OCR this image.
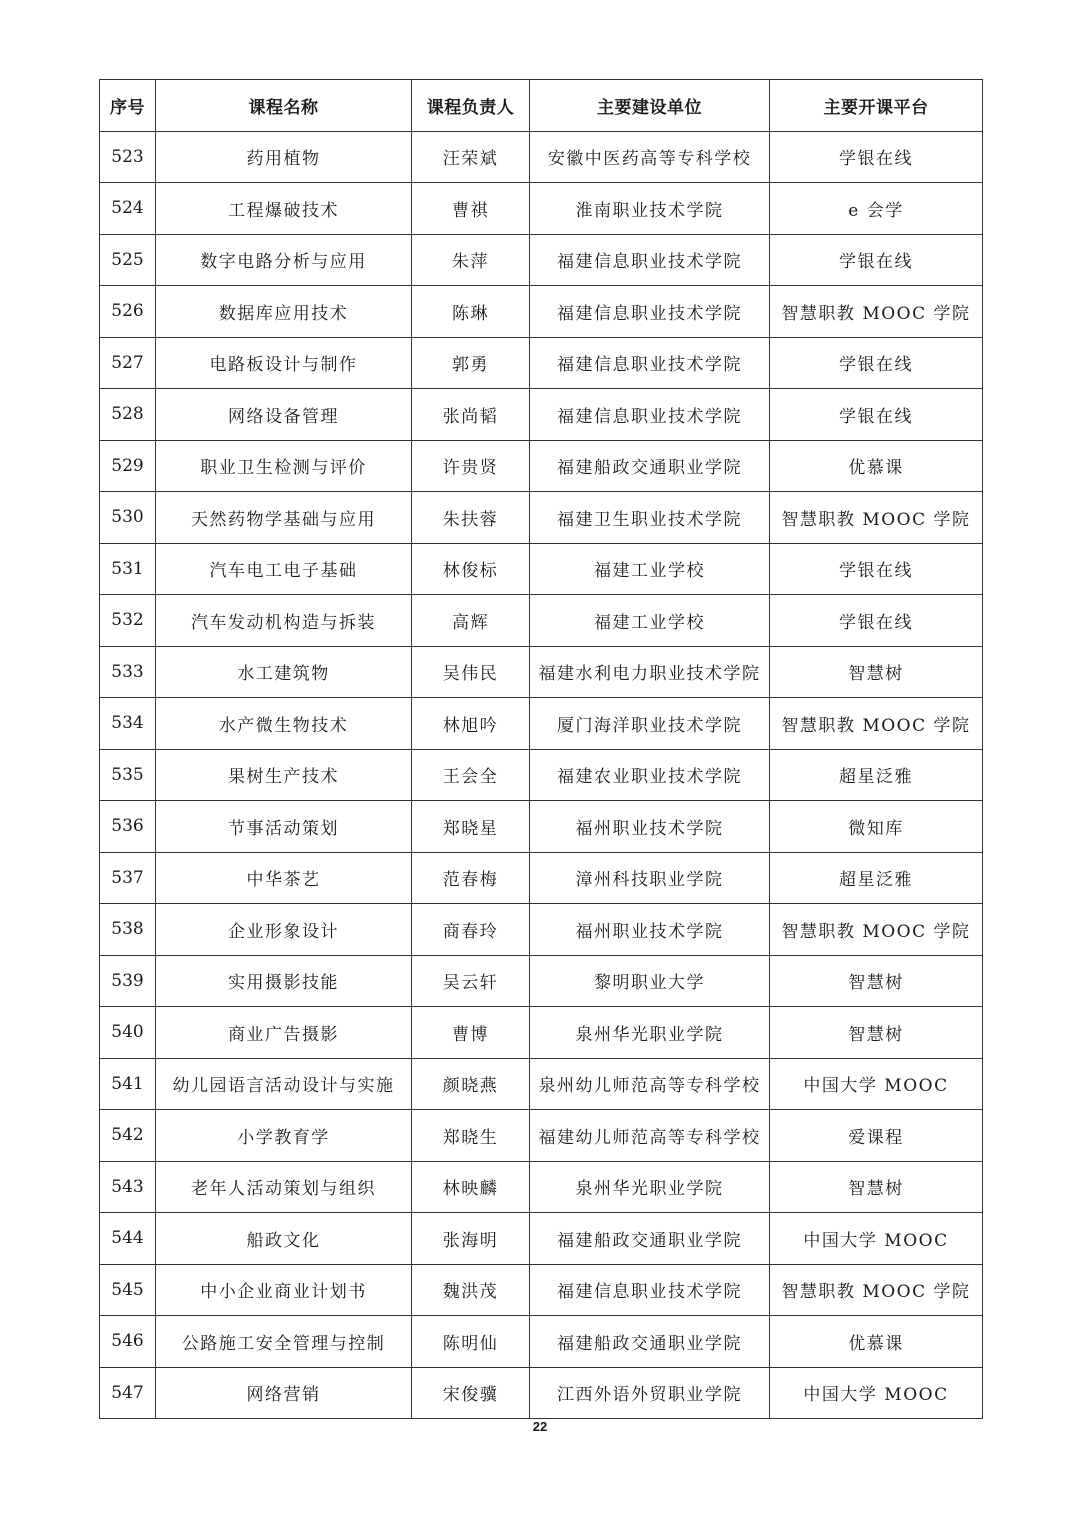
序号	课程名称	课程负责人	主要建设单位	主要开课平台
523	药用植物	汪荣斌	安徽中医药高等专科学校	学银在线
524	工程爆破技术	曹祺	淮南职业技术学院	e 会学
525	数字电路分析与应用	朱萍	福建信息职业技术学院	学银在线
526	数据库应用技术	陈琳	福建信息职业技术学院	智慧职教 MOOC 学院
527	电路板设计与制作	郭勇	福建信息职业技术学院	学银在线
528	网络设备管理	张尚韬	福建信息职业技术学院	学银在线
529	职业卫生检测与评价	许贵贤	福建船政交通职业学院	优慕课
530	天然药物学基础与应用	朱扶蓉	福建卫生职业技术学院	智慧职教 MOOC 学院
531	汽车电工电子基础	林俊标	福建工业学校	学银在线
532	汽车发动机构造与拆装	高辉	福建工业学校	学银在线
533	水工建筑物	吴伟民	福建水利电力职业技术学院	智慧树
534	水产微生物技术	林旭吟	厦门海洋职业技术学院	智慧职教 MOOC 学院
535	果树生产技术	王会全	福建农业职业技术学院	超星泛雅
536	节事活动策划	郑晓星	福州职业技术学院	微知库
537	中华茶艺	范春梅	漳州科技职业学院	超星泛雅
538	企业形象设计	商春玲	福州职业技术学院	智慧职教 MOOC 学院
539	实用摄影技能	吴云轩	黎明职业大学	智慧树
540	商业广告摄影	曹博	泉州华光职业学院	智慧树
541	幼儿园语言活动设计与实施	颜晓燕	泉州幼儿师范高等专科学校	中国大学 MOOC
542	小学教育学	郑晓生	福建幼儿师范高等专科学校	爱课程
543	老年人活动策划与组织	林映麟	泉州华光职业学院	智慧树
544	船政文化	张海明	福建船政交通职业学院	中国大学 MOOC
545	中小企业商业计划书	魏洪茂	福建信息职业技术学院	智慧职教 MOOC 学院
546	公路施工安全管理与控制	陈明仙	福建船政交通职业学院	优慕课
547	网络营销	宋俊骥	江西外语外贸职业学院	中国大学 MOOC
22
